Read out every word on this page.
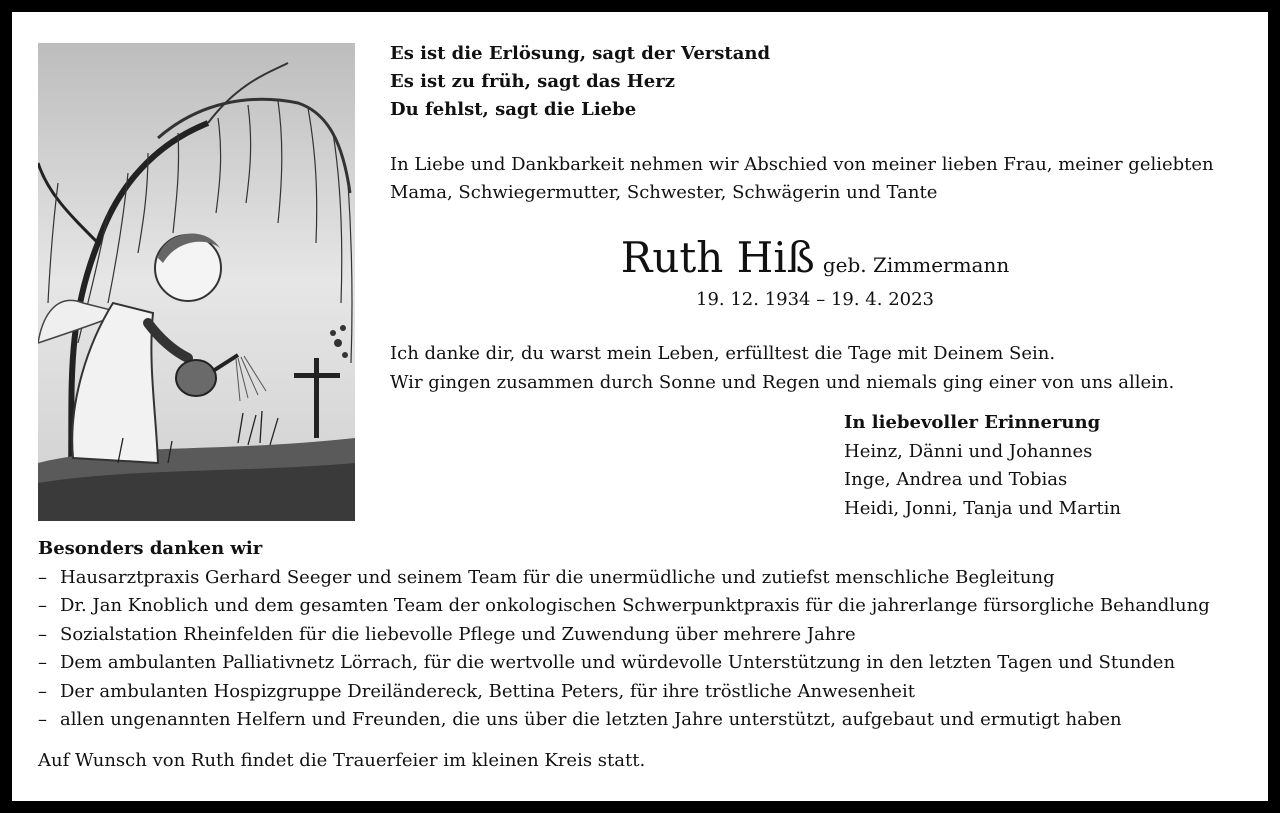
Es ist die Erlösung, sagt der Verstand
Es ist zu früh, sagt das Herz
Du fehlst, sagt die Liebe
In Liebe und Dankbarkeit nehmen wir Abschied von meiner lieben Frau, meiner geliebten
Mama, Schwiegermutter, Schwester, Schwägerin und Tante
Ruth Hiß geb. Zimmermann
19. 12. 1934 – 19. 4. 2023
Ich danke dir, du warst mein Leben, erfülltest die Tage mit Deinem Sein.
Wir gingen zusammen durch Sonne und Regen und niemals ging einer von uns allein.
In liebevoller Erinnerung
Heinz, Dänni und Johannes
Inge, Andrea und Tobias
Heidi, Jonni, Tanja und Martin
Besonders danken wir
– Hausarztpraxis Gerhard Seeger und seinem Team für die unermüdliche und zutiefst menschliche Begleitung
– Dr. Jan Knoblich und dem gesamten Team der onkologischen Schwerpunktpraxis für die jahrerlange fürsorgliche Behandlung
– Sozialstation Rheinfelden für die liebevolle Pflege und Zuwendung über mehrere Jahre
– Dem ambulanten Palliativnetz Lörrach, für die wertvolle und würdevolle Unterstützung in den letzten Tagen und Stunden
– Der ambulanten Hospizgruppe Dreiländereck, Bettina Peters, für ihre tröstliche Anwesenheit
– allen ungenannten Helfern und Freunden, die uns über die letzten Jahre unterstützt, aufgebaut und ermutigt haben
Auf Wunsch von Ruth findet die Trauerfeier im kleinen Kreis statt.
